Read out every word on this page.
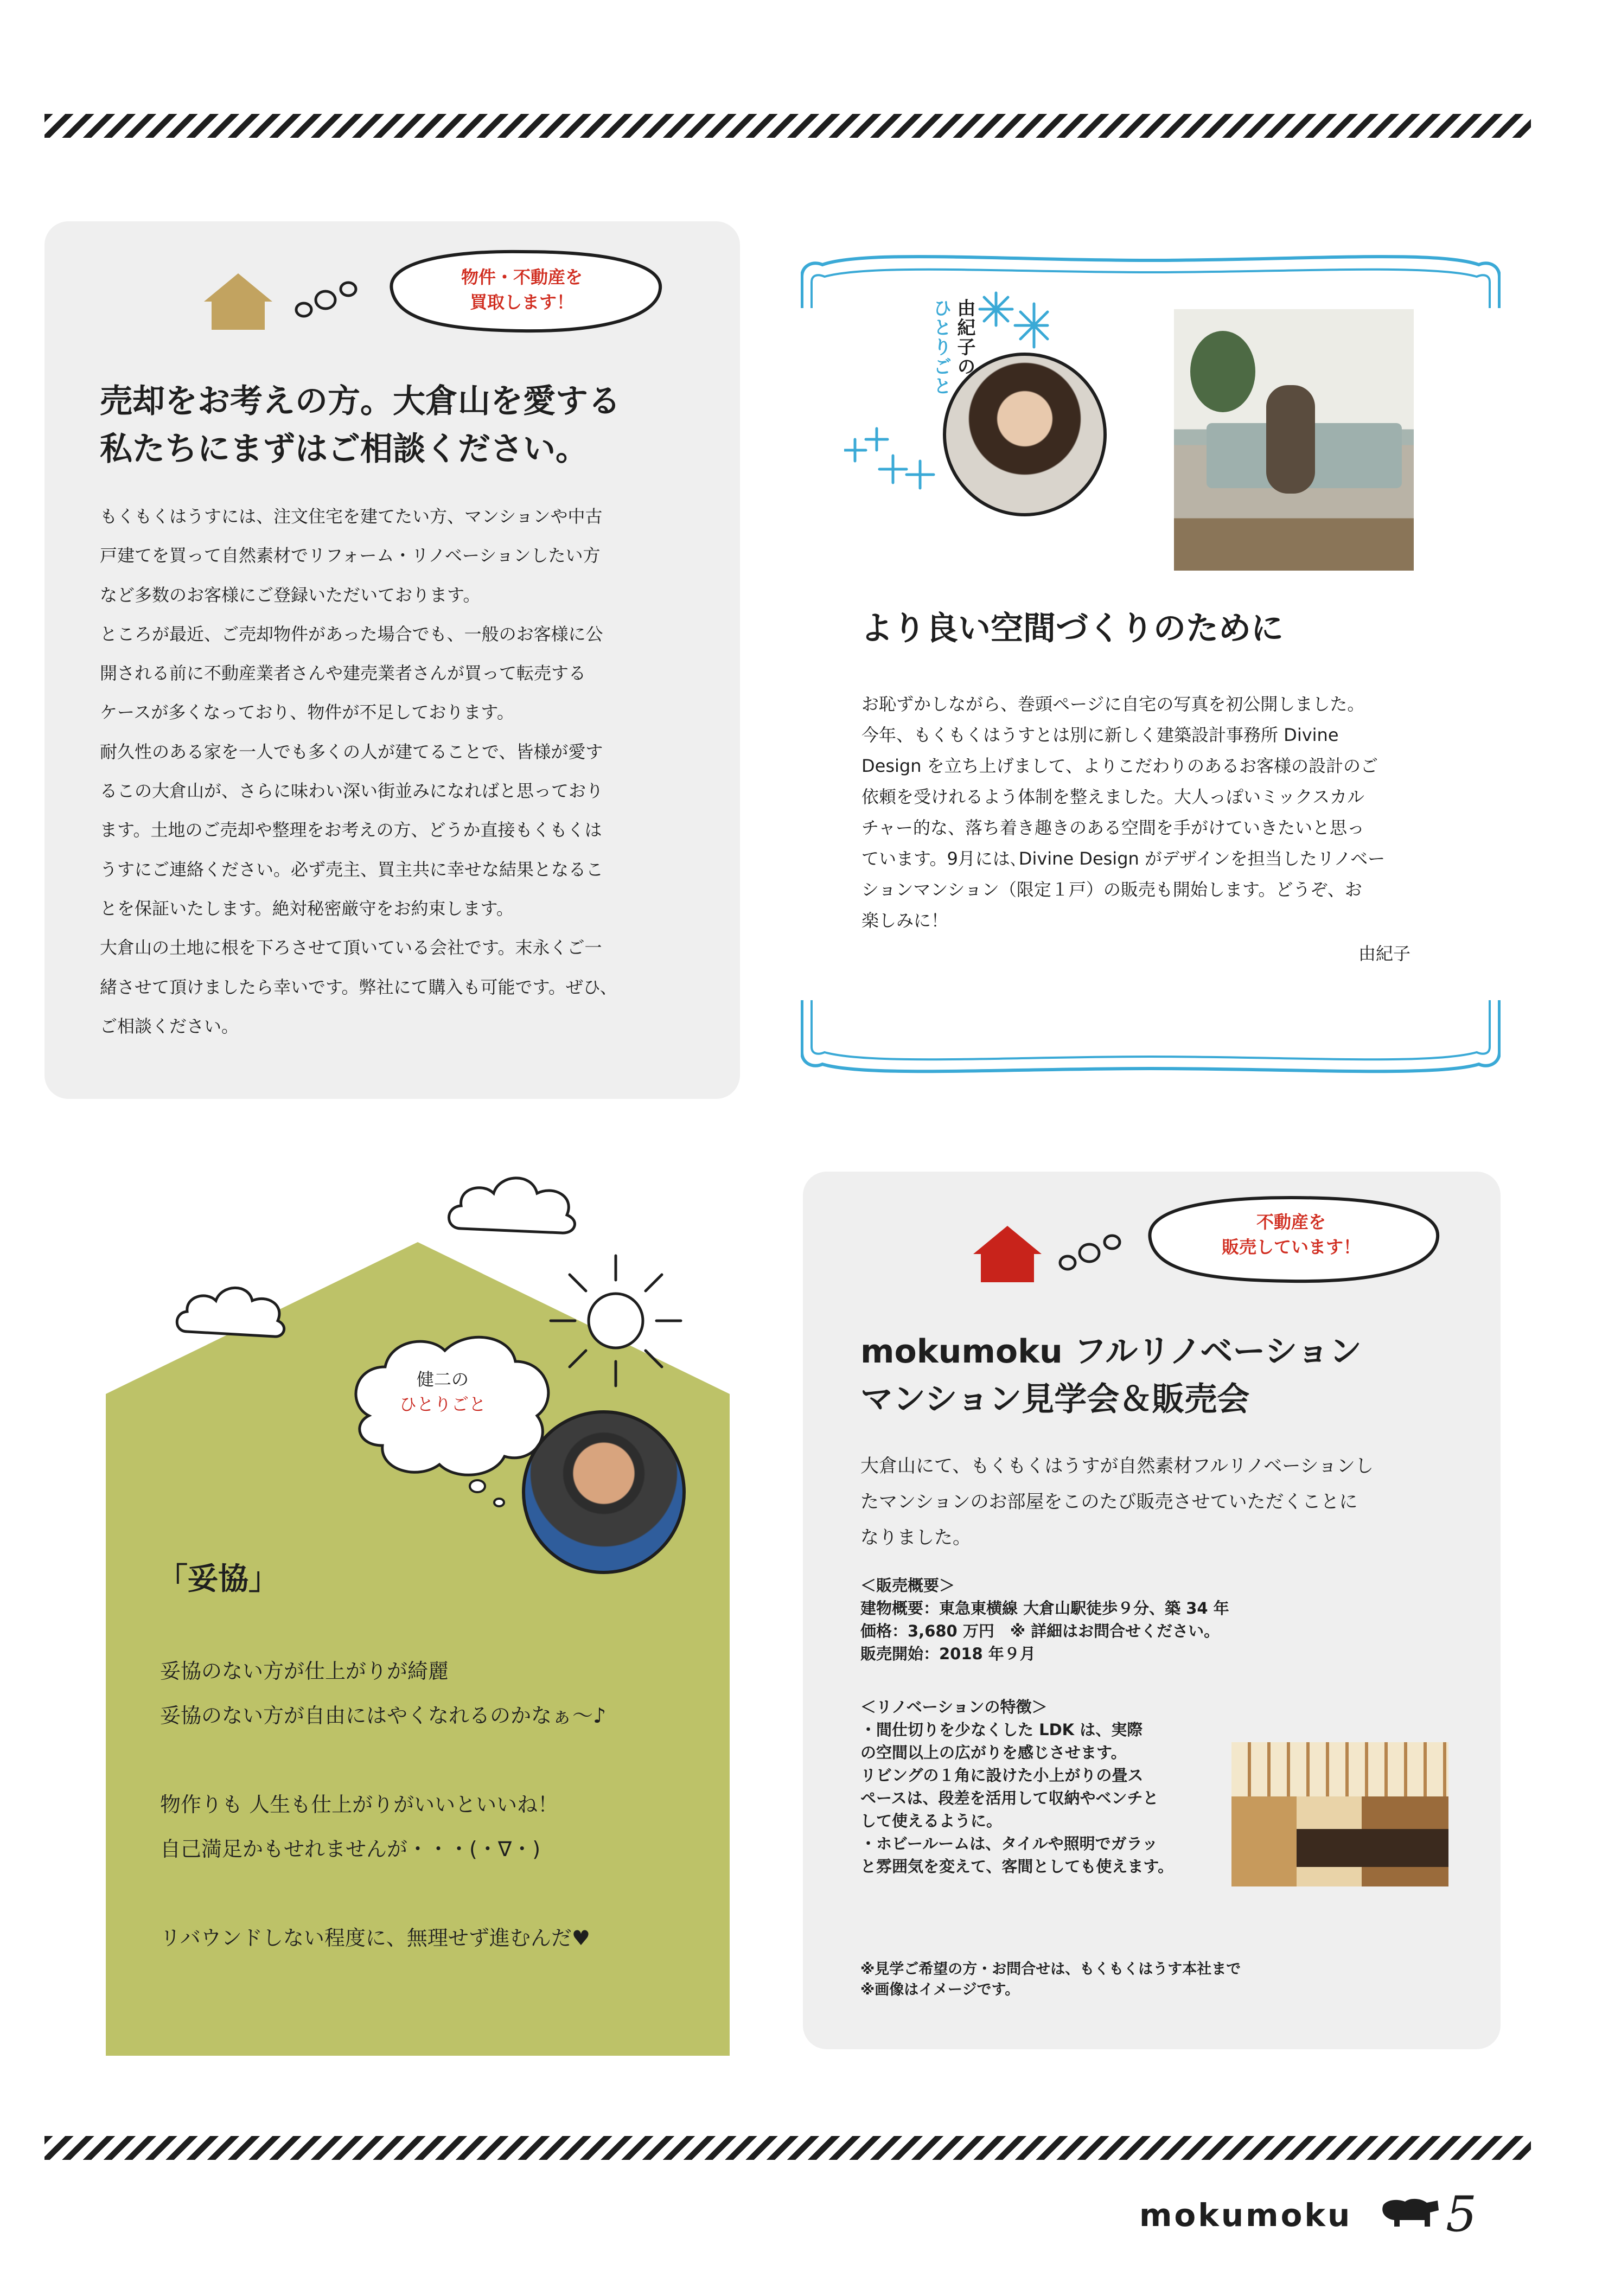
物件・不動産を
買取します！

売却をお考えの方。大倉山を愛する

私たちにまずはご相談ください。

もくもくはうすには、注文住宅を建てたい方、マンションや中古
戸建てを買って自然素材でリフォーム・リノベーションしたい方
など多数のお客様にご登録いただいております。
ところが最近、ご売却物件があった場合でも、一般のお客様に公
開される前に不動産業者さんや建売業者さんが買って転売する
ケースが多くなっており、物件が不足しております。
耐久性のある家を一人でも多くの人が建てることで、皆様が愛す
るこの大倉山が、さらに味わい深い街並みになればと思っており
ます。土地のご売却や整理をお考えの方、どうか直接もくもくは
うすにご連絡ください。必ず売主、買主共に幸せな結果となるこ
とを保証いたします。絶対秘密厳守をお約束します。
大倉山の土地に根を下ろさせて頂いている会社です。末永くご一
緒させて頂けましたら幸いです。弊社にて購入も可能です。ぜひ、
ご相談ください。
由紀子の
ひとりごと

より良い空間づくりのために

お恥ずかしながら、巻頭ページに自宅の写真を初公開しました。
今年、もくもくはうすとは別に新しく建築設計事務所 Divine
Design を立ち上げまして、よりこだわりのあるお客様の設計のご
依頼を受けれるよう体制を整えました。大人っぽいミックスカル
チャー的な、落ち着き趣きのある空間を手がけていきたいと思っ
ています。9月には､Divine Design がデザインを担当したリノベー
ションマンション（限定１戸）の販売も開始します。どうぞ、お
楽しみに！
由紀子
健二の
ひとりごと

「妥協」

妥協のない方が仕上がりが綺麗
妥協のない方が自由にはやくなれるのかなぁ～♪

物作りも 人生も仕上がりがいいといいね！
自己満足かもせれませんが・・・(・∇・)

リバウンドしない程度に、無理せず進むんだ♥
不動産を
販売しています！

mokumoku フルリノベーション

マンション見学会＆販売会

大倉山にて、もくもくはうすが自然素材フルリノベーションし
たマンションのお部屋をこのたび販売させていただくことに
なりました。
＜販売概要＞
建物概要：東急東横線 大倉山駅徒歩９分、築 34 年
価格：3,680 万円　※ 詳細はお問合せください。
販売開始：2018 年９月
＜リノベーションの特徴＞
・間仕切りを少なくした LDK は、実際
の空間以上の広がりを感じさせます。
リビングの１角に設けた小上がりの畳ス
ペースは、段差を活用して収納やベンチと
して使えるように。
・ホビールームは、タイルや照明でガラッ
と雰囲気を変えて、客間としても使えます。
※見学ご希望の方・お問合せは、もくもくはうす本社まで
※画像はイメージです。
mokumoku 5
